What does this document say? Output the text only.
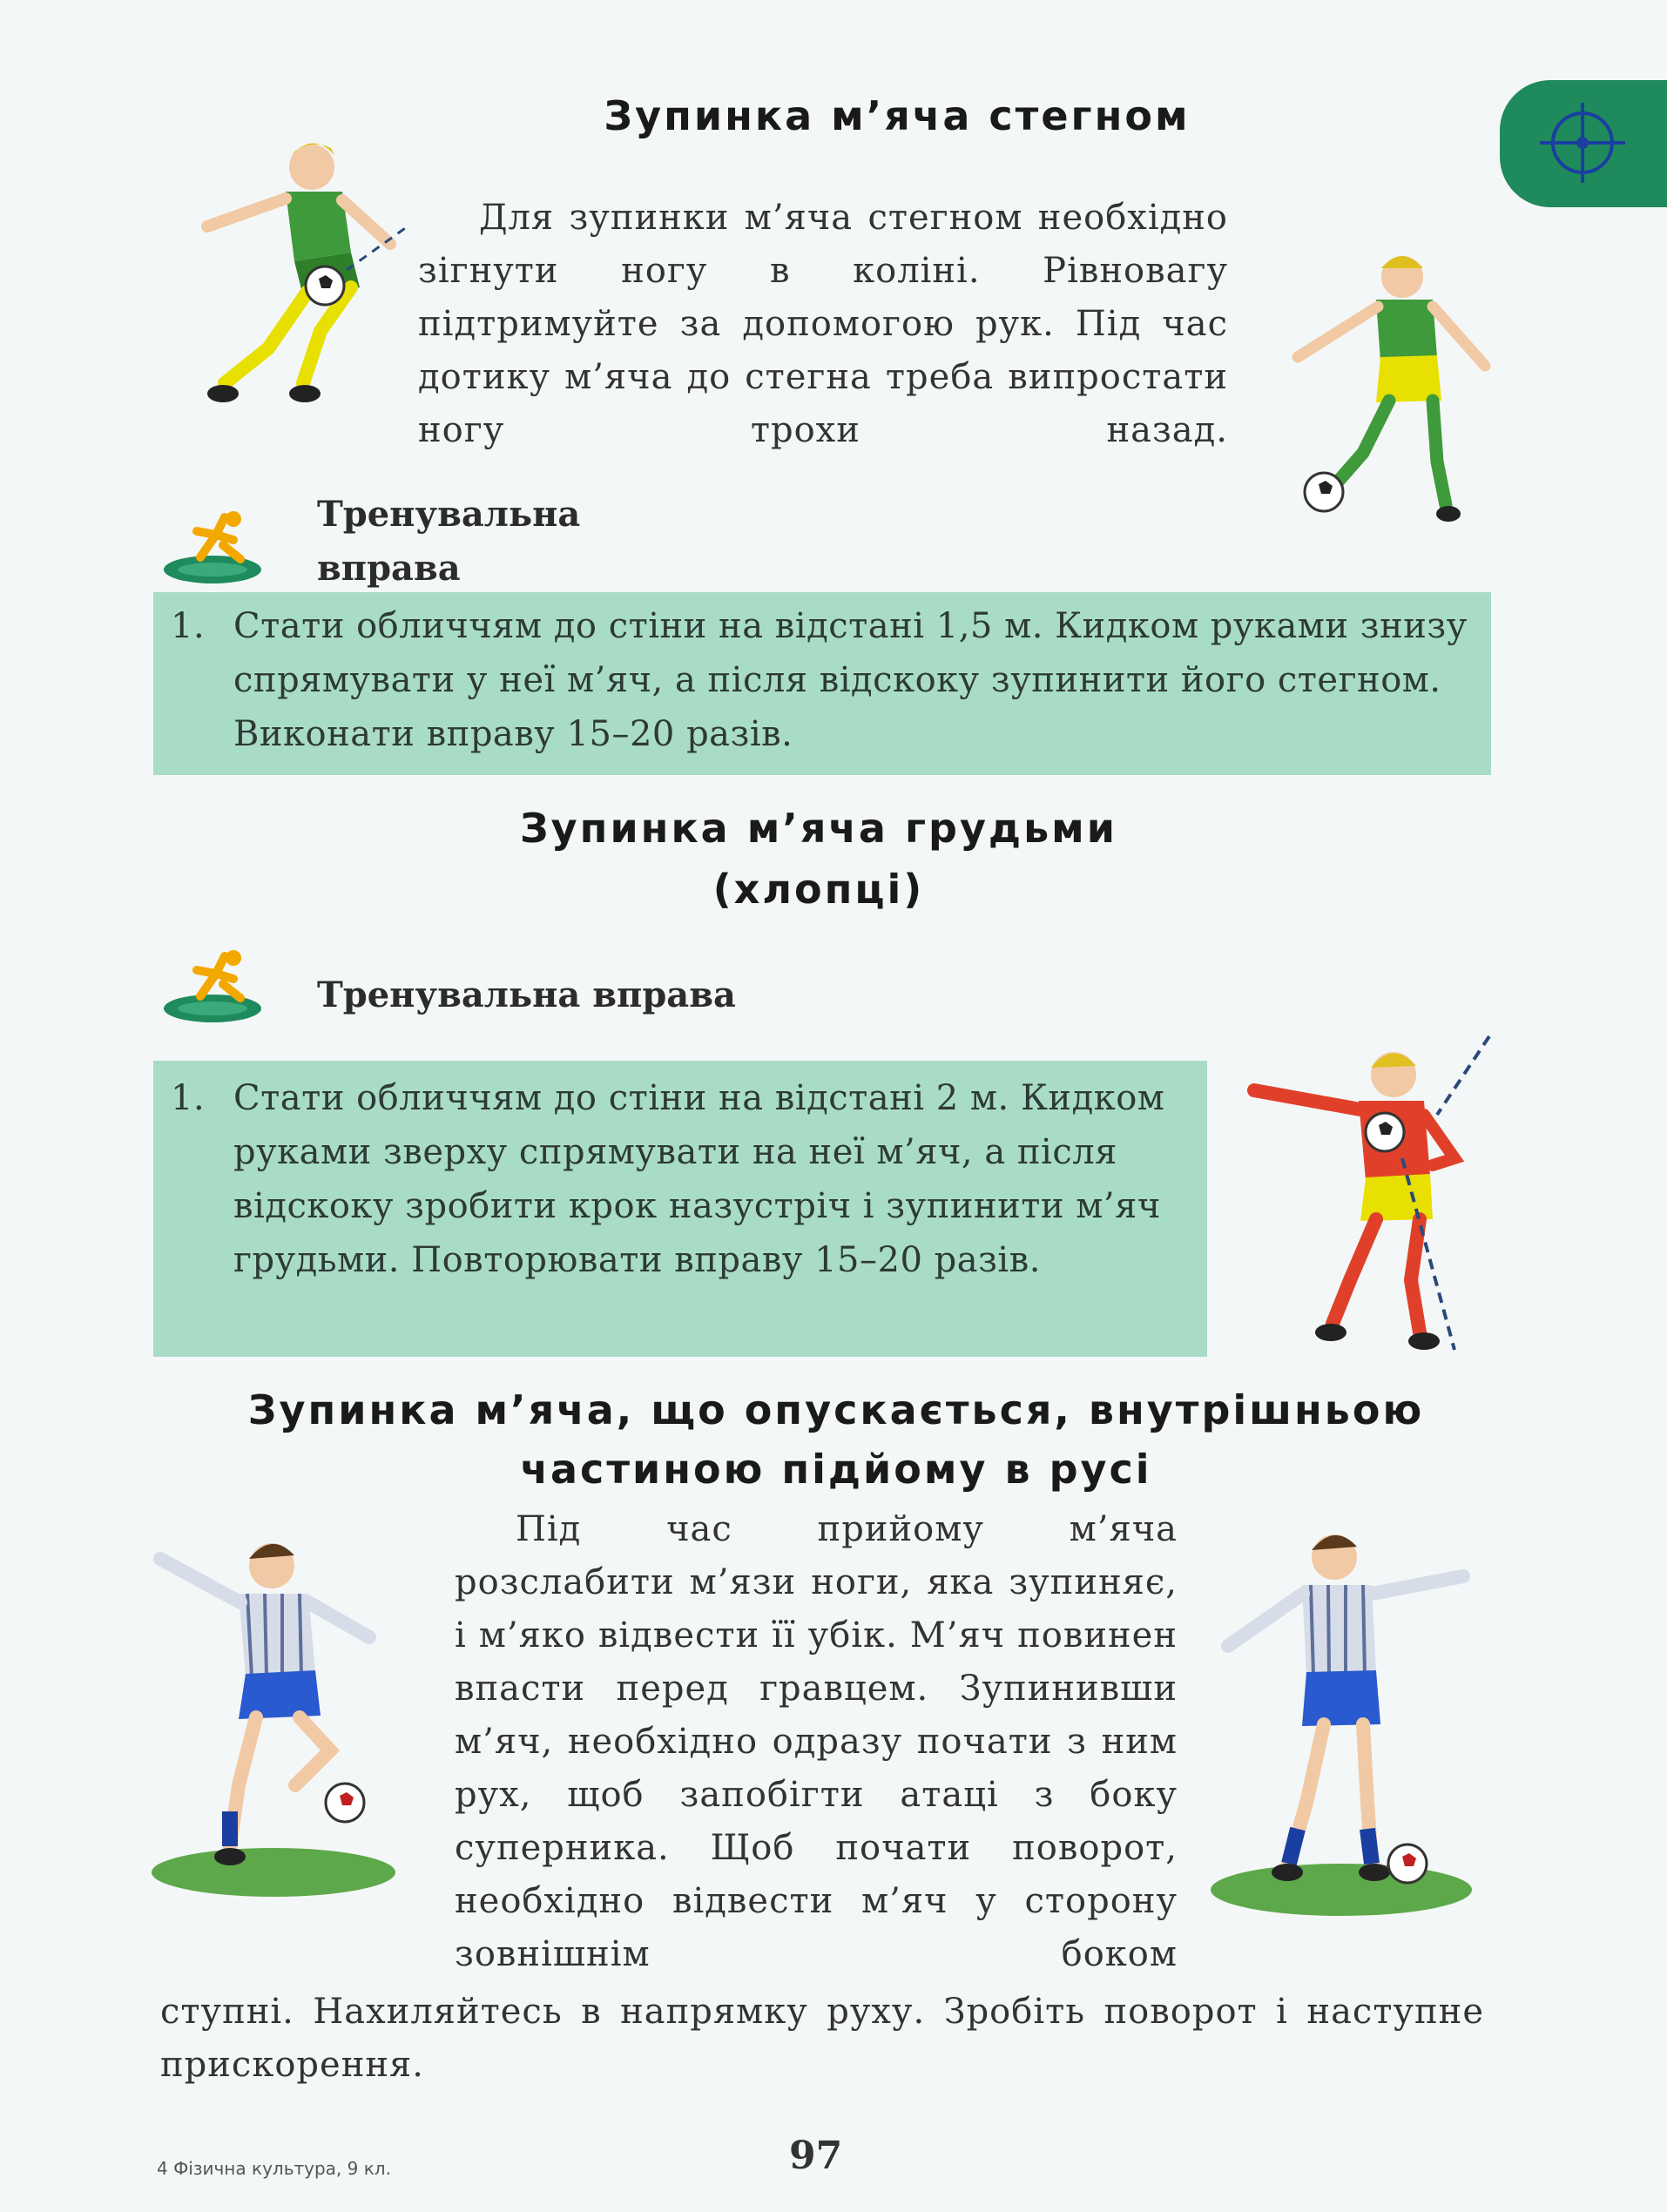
Зупинка м’яча стегном
Для зупинки м’яча стегном необхідно зігнути ногу в коліні. Рівновагу підтримуйте за допомогою рук. Під час дотику м’яча до стегна треба випростати ногу трохи назад.
Тренувальна
вправа
1. Стати обличчям до стіни на відстані 1,5 м. Кидком руками знизу спрямувати у неї м’яч, а після відскоку зупинити його стегном. Виконати вправу 15–20 разів.
Зупинка м’яча грудьми
(хлопці)
Тренувальна вправа
1. Стати обличчям до стіни на відстані 2 м. Кидком руками зверху спрямувати на неї м’яч, а після відскоку зробити крок назустріч і зупинити м’яч грудьми. Повторювати вправу 15–20 разів.
Зупинка м’яча, що опускається, внутрішньою
частиною підйому в русі
Під час прийому м’яча розслабити м’язи ноги, яка зупиняє, і м’яко відвести її убік. М’яч повинен впасти перед гравцем. Зупинивши м’яч, необхідно одразу почати з ним рух, щоб запобігти атаці з боку суперника. Щоб почати поворот, необхідно відвести м’яч у сторону зовнішнім боком
ступні. Нахиляйтесь в напрямку руху. Зробіть поворот і наступне прискорення.
4 Фізична культура, 9 кл.	97
